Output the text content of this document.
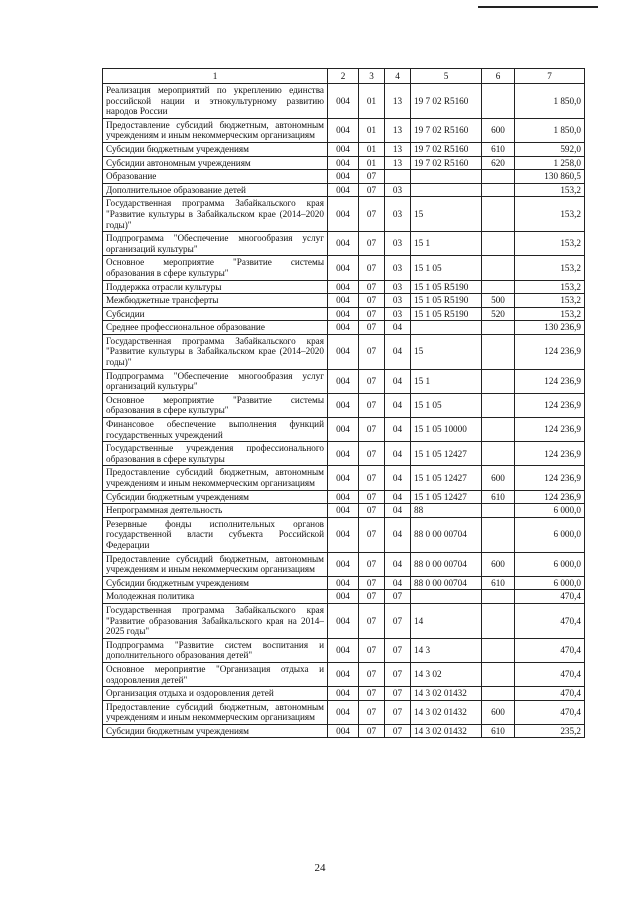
1	2	3	4	5	6	7
Реализация мероприятий по укреплению единства российской нации и этнокультурному развитию народов России	004	01	13	19 7 02 R5160		1 850,0
Предоставление субсидий бюджетным, автономным учреждениям и иным некоммерческим организациям	004	01	13	19 7 02 R5160	600	1 850,0
Субсидии бюджетным учреждениям	004	01	13	19 7 02 R5160	610	592,0
Субсидии автономным учреждениям	004	01	13	19 7 02 R5160	620	1 258,0
Образование	004	07				130 860,5
Дополнительное образование детей	004	07	03			153,2
Государственная программа Забайкальского края "Развитие культуры в Забайкальском крае (2014–2020 годы)"	004	07	03	15		153,2
Подпрограмма "Обеспечение многообразия услуг организаций культуры"	004	07	03	15 1		153,2
Основное мероприятие "Развитие системы образования в сфере культуры"	004	07	03	15 1 05		153,2
Поддержка отрасли культуры	004	07	03	15 1 05 R5190		153,2
Межбюджетные трансферты	004	07	03	15 1 05 R5190	500	153,2
Субсидии	004	07	03	15 1 05 R5190	520	153,2
Среднее профессиональное образование	004	07	04			130 236,9
Государственная программа Забайкальского края "Развитие культуры в Забайкальском крае (2014–2020 годы)"	004	07	04	15		124 236,9
Подпрограмма "Обеспечение многообразия услуг организаций культуры"	004	07	04	15 1		124 236,9
Основное мероприятие "Развитие системы образования в сфере культуры"	004	07	04	15 1 05		124 236,9
Финансовое обеспечение выполнения функций государственных учреждений	004	07	04	15 1 05 10000		124 236,9
Государственные учреждения профессионального образования в сфере культуры	004	07	04	15 1 05 12427		124 236,9
Предоставление субсидий бюджетным, автономным учреждениям и иным некоммерческим организациям	004	07	04	15 1 05 12427	600	124 236,9
Субсидии бюджетным учреждениям	004	07	04	15 1 05 12427	610	124 236,9
Непрограммная деятельность	004	07	04	88		6 000,0
Резервные фонды исполнительных органов государственной власти субъекта Российской Федерации	004	07	04	88 0 00 00704		6 000,0
Предоставление субсидий бюджетным, автономным учреждениям и иным некоммерческим организациям	004	07	04	88 0 00 00704	600	6 000,0
Субсидии бюджетным учреждениям	004	07	04	88 0 00 00704	610	6 000,0
Молодежная политика	004	07	07			470,4
Государственная программа Забайкальского края "Развитие образования Забайкальского края на 2014–2025 годы"	004	07	07	14		470,4
Подпрограмма "Развитие систем воспитания и дополнительного образования детей"	004	07	07	14 3		470,4
Основное мероприятие "Организация отдыха и оздоровления детей"	004	07	07	14 3 02		470,4
Организация отдыха и оздоровления детей	004	07	07	14 3 02 01432		470,4
Предоставление субсидий бюджетным, автономным учреждениям и иным некоммерческим организациям	004	07	07	14 3 02 01432	600	470,4
Субсидии бюджетным учреждениям	004	07	07	14 3 02 01432	610	235,2
24
